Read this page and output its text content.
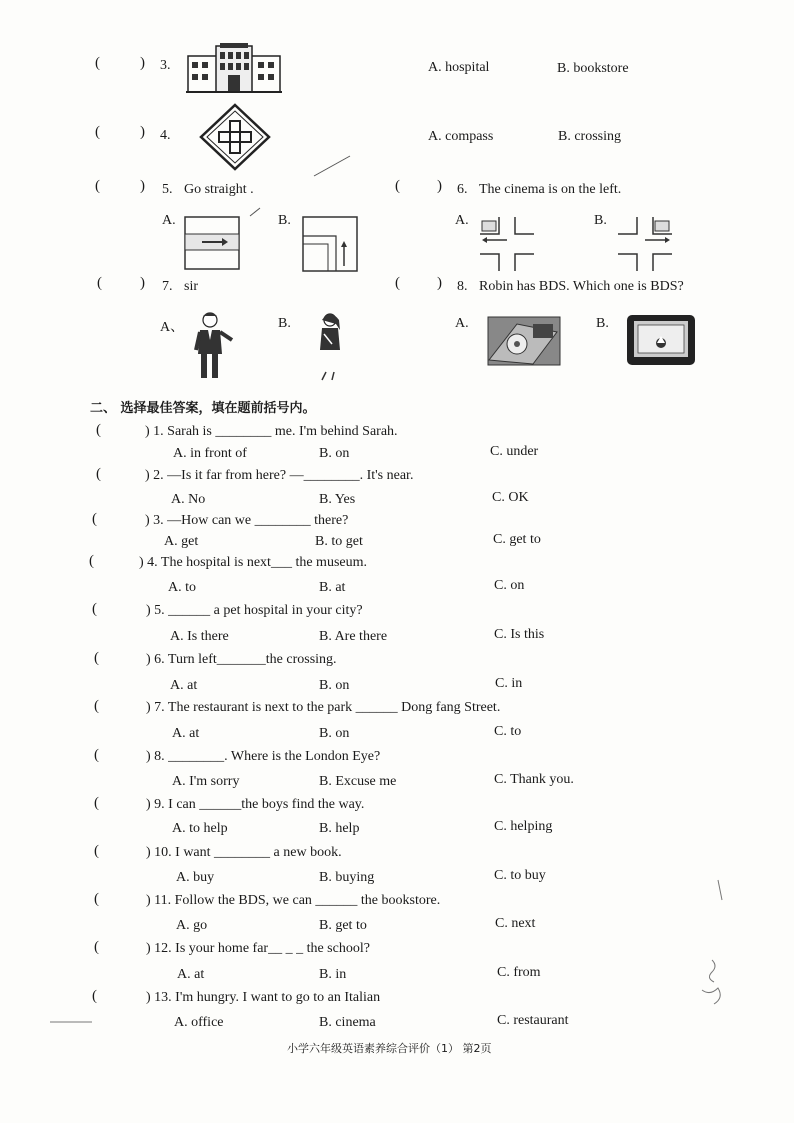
(	) 3.	A. hospital	B. bookstore
(	) 4.	A. compass	B. crossing
(	) 5. Go straight .	( ) 6. The cinema is on the left.
A.	B.	A.	B.
(	) 7. sir	( ) 8. Robin has BDS. Which one is BDS?
A、	B.	A.	B.
二、 选择最佳答案，填在题前括号内。
(	) 1. Sarah is ________ me. I'm behind Sarah.
A. in front of	B. on	C. under
(	) 2. —Is it far from here? —________. It's near.
A. No	B. Yes	C. OK
(	) 3. —How can we ________ there?
A. get	B. to get	C. get to
(	) 4. The hospital is next___ the museum.
A. to	B. at	C. on
(	) 5. ______ a pet hospital in your city?
A. Is there	B. Are there	C. Is this
(	) 6. Turn left_______the crossing.
A. at	B. on	C. in
(	) 7. The restaurant is next to the park ______ Dong fang Street.
A. at	B. on	C. to
(	) 8. ________. Where is the London Eye?
A. I'm sorry	B. Excuse me	C. Thank you.
(	) 9. I can ______the boys find the way.
A. to help	B. help	C. helping
(	) 10. I want ________ a new book.
A. buy	B. buying	C. to buy
(	) 11. Follow the BDS, we can ______ the bookstore.
A. go	B. get to	C. next
(	) 12. Is your home far__ _ _ the school?
A. at	B. in	C. from
(	) 13. I'm hungry. I want to go to an Italian
A. office	B. cinema	C. restaurant
小学六年级英语素养综合评价（1） 第2页
